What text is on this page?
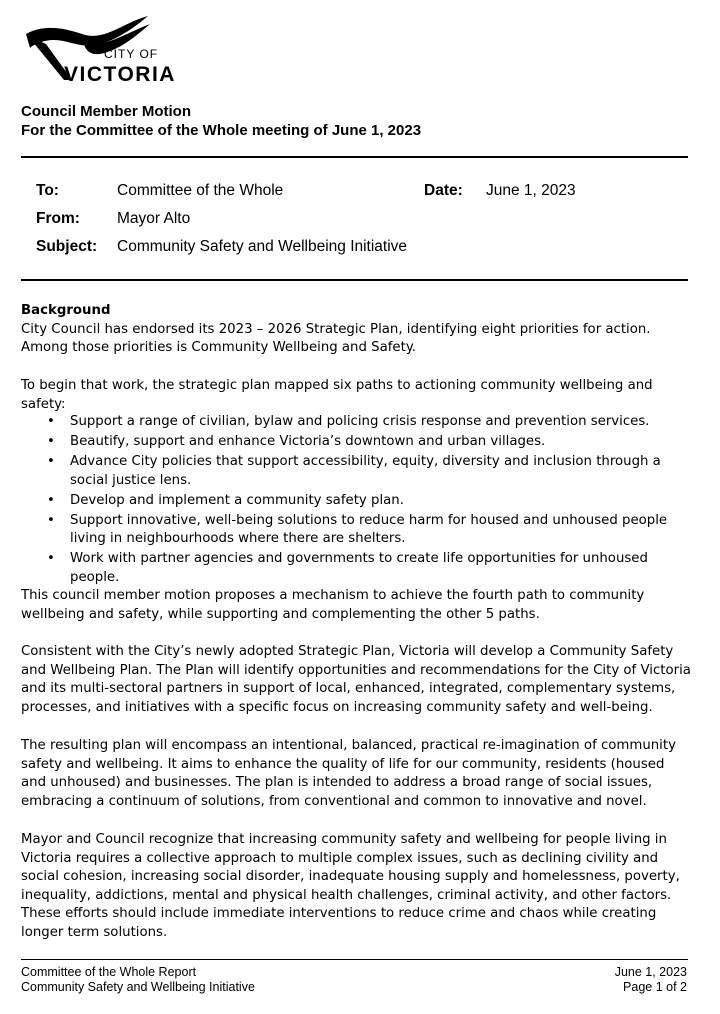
CITY OF
VICTORIA
Council Member Motion
For the Committee of the Whole meeting of June 1, 2023
To:	Committee of the Whole	Date: June 1, 2023
From: Mayor Alto
Subject: Community Safety and Wellbeing Initiative
Background
City Council has endorsed its 2023 – 2026 Strategic Plan, identifying eight priorities for action. Among those priorities is Community Wellbeing and Safety.
To begin that work, the strategic plan mapped six paths to actioning community wellbeing and safety:
• Support a range of civilian, bylaw and policing crisis response and prevention services.
• Beautify, support and enhance Victoria’s downtown and urban villages.
• Advance City policies that support accessibility, equity, diversity and inclusion through a social justice lens.
• Develop and implement a community safety plan.
• Support innovative, well-being solutions to reduce harm for housed and unhoused people living in neighbourhoods where there are shelters.
• Work with partner agencies and governments to create life opportunities for unhoused people.
This council member motion proposes a mechanism to achieve the fourth path to community wellbeing and safety, while supporting and complementing the other 5 paths.
Consistent with the City’s newly adopted Strategic Plan, Victoria will develop a Community Safety and Wellbeing Plan. The Plan will identify opportunities and recommendations for the City of Victoria and its multi-sectoral partners in support of local, enhanced, integrated, complementary systems, processes, and initiatives with a specific focus on increasing community safety and well-being.
The resulting plan will encompass an intentional, balanced, practical re-imagination of community safety and wellbeing. It aims to enhance the quality of life for our community, residents (housed and unhoused) and businesses. The plan is intended to address a broad range of social issues, embracing a continuum of solutions, from conventional and common to innovative and novel.
Mayor and Council recognize that increasing community safety and wellbeing for people living in Victoria requires a collective approach to multiple complex issues, such as declining civility and social cohesion, increasing social disorder, inadequate housing supply and homelessness, poverty, inequality, addictions, mental and physical health challenges, criminal activity, and other factors. These efforts should include immediate interventions to reduce crime and chaos while creating longer term solutions.
Committee of the Whole Report
Community Safety and Wellbeing Initiative
June 1, 2023
Page 1 of 2
